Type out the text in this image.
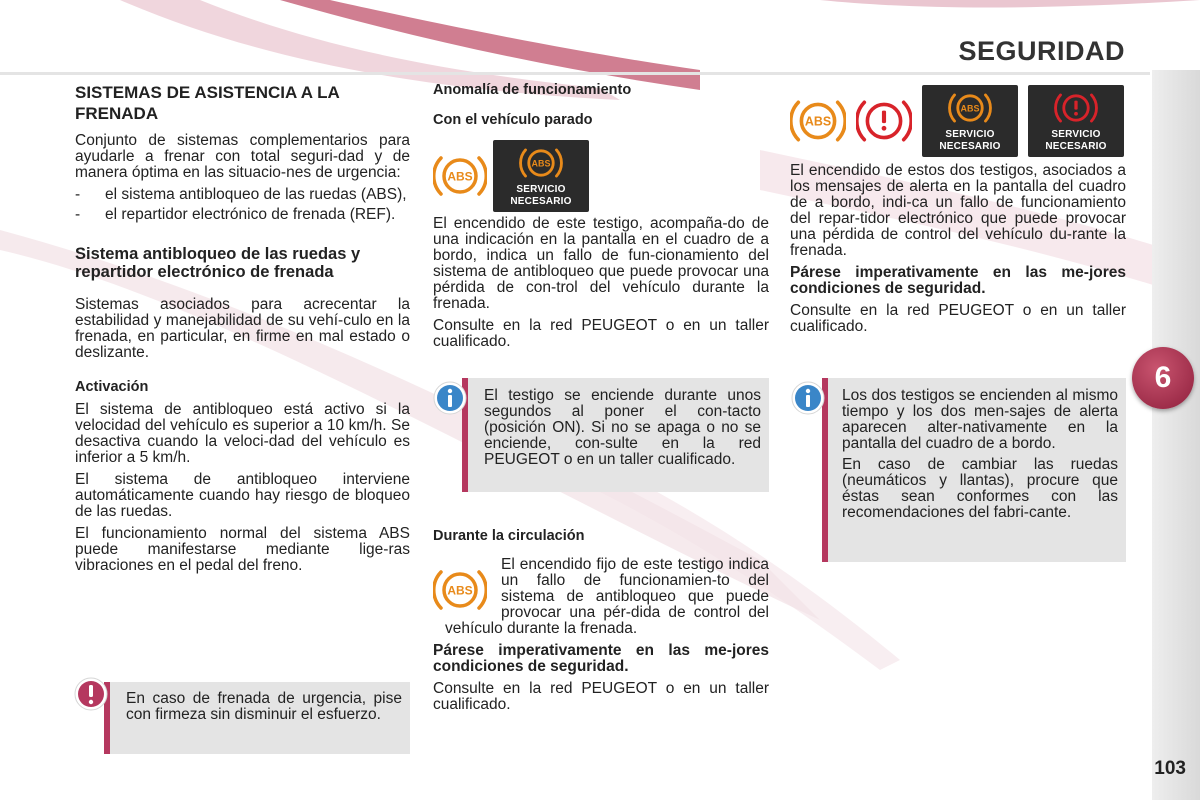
SEGURIDAD
6
103
SISTEMAS DE ASISTENCIA A LA FRENADA

Conjunto de sistemas complementarios para ayudarle a frenar con total seguri-dad y de manera óptima en las situacio-nes de urgencia:

- el sistema antibloqueo de las ruedas (ABS),
- el repartidor electrónico de frenada (REF).
Sistema antibloqueo de las ruedas y repartidor electrónico de frenada

Sistemas asociados para acrecentar la estabilidad y manejabilidad de su vehí-culo en la frenada, en particular, en firme en mal estado o deslizante.

Activación

El sistema de antibloqueo está activo si la velocidad del vehículo es superior a 10 km/h. Se desactiva cuando la veloci-dad del vehículo es inferior a 5 km/h.

El sistema de antibloqueo interviene automáticamente cuando hay riesgo de bloqueo de las ruedas.

El funcionamiento normal del sistema ABS puede manifestarse mediante lige-ras vibraciones en el pedal del freno.

En caso de frenada de urgencia, pise con firmeza sin disminuir el esfuerzo.

Anomalía de funcionamiento
Con el vehículo parado
ABS
ABS
SERVICIO
NECESARIO

El encendido de este testigo, acompaña-do de una indicación en la pantalla en el cuadro de a bordo, indica un fallo de fun-cionamiento del sistema de antibloqueo que puede provocar una pérdida de con-trol del vehículo durante la frenada.

Consulte en la red PEUGEOT o en un taller cualificado.

Durante la circulación
ABS

El encendido fijo de este testigo indica un fallo de funcionamien-to del sistema de antibloqueo que puede provocar una pér-dida de control del vehículo durante la frenada.

Párese imperativamente en las me-jores condiciones de seguridad.

Consulte en la red PEUGEOT o en un taller cualificado.

El testigo se enciende durante unos segundos al poner el con-tacto (posición ON). Si no se apaga o no se enciende, con-sulte en la red PEUGEOT o en un taller cualificado.

ABS
ABS
SERVICIO
NECESARIO
SERVICIO
NECESARIO

El encendido de estos dos testigos, asociados a los mensajes de alerta en la pantalla del cuadro de a bordo, indi-ca un fallo de funcionamiento del repar-tidor electrónico que puede provocar una pérdida de control del vehículo du-rante la frenada.

Párese imperativamente en las me-jores condiciones de seguridad.

Consulte en la red PEUGEOT o en un taller cualificado.

Los dos testigos se encienden al mismo tiempo y los dos men-sajes de alerta aparecen alter-nativamente en la pantalla del cuadro de a bordo.

En caso de cambiar las ruedas (neumáticos y llantas), procure que éstas sean conformes con las recomendaciones del fabri-cante.
